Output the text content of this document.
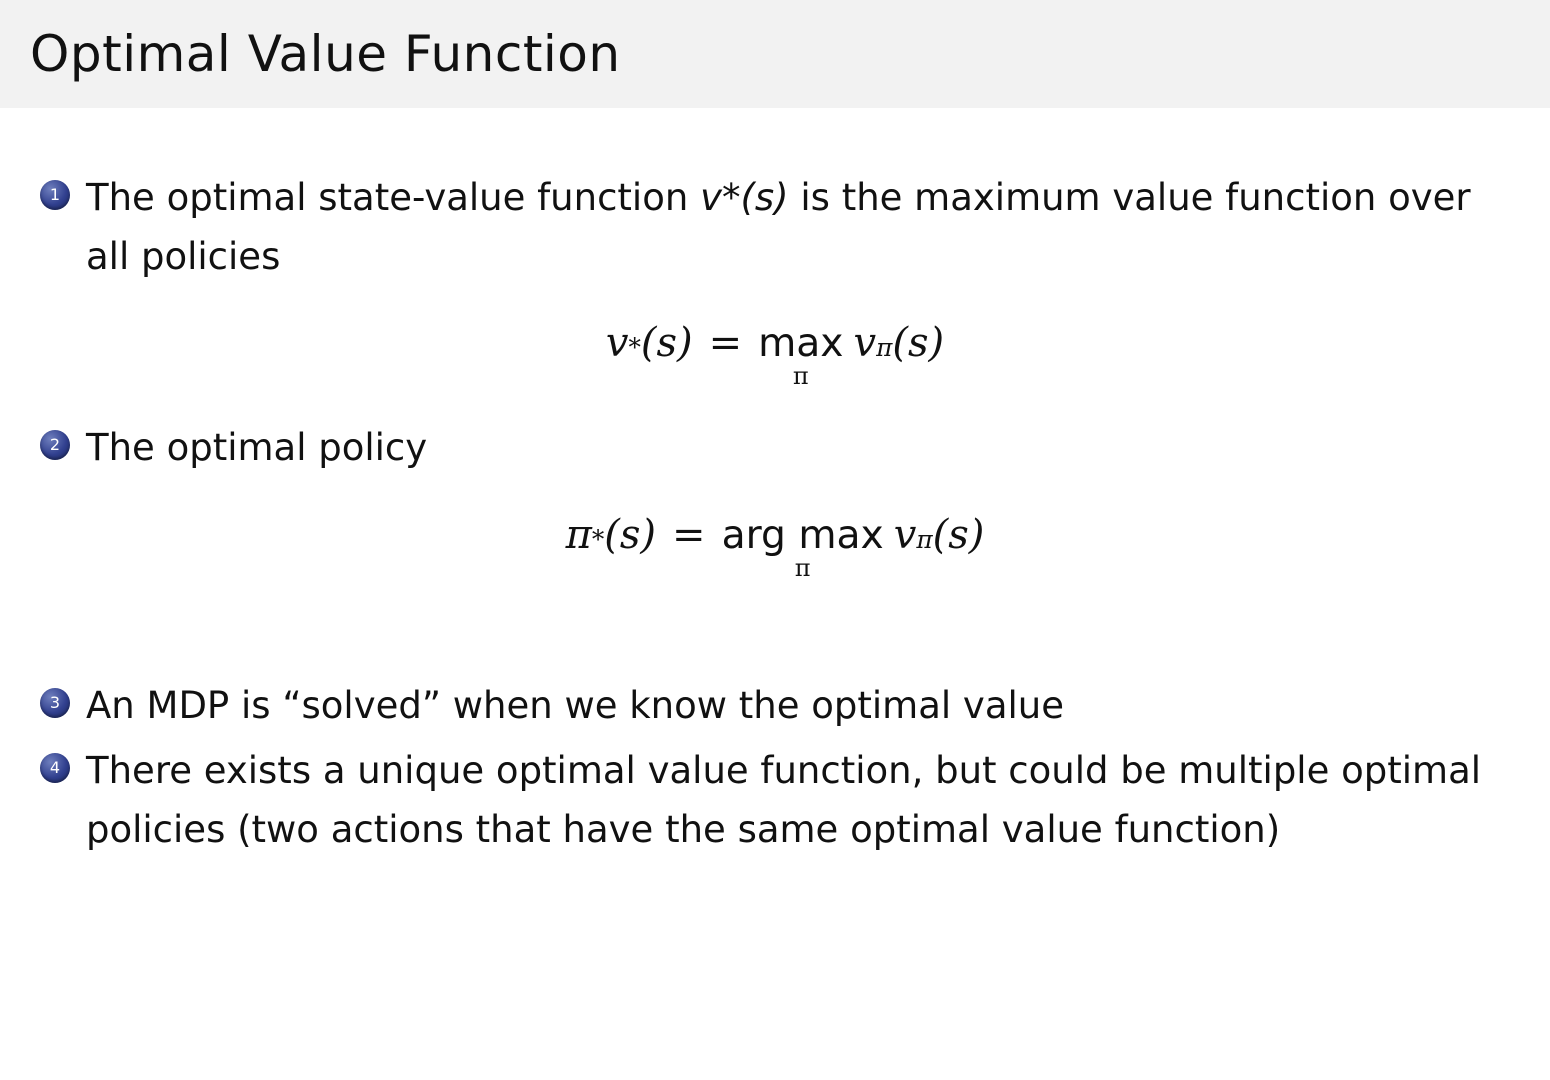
Optimal Value Function
1 The optimal state-value function v*(s) is the maximum value function over all policies
v * (s) = max
π
v π (s)
2 The optimal policy
π * (s) = arg max
π
v π (s)
3 An MDP is “solved” when we know the optimal value
4 There exists a unique optimal value function, but could be multiple optimal policies (two actions that have the same optimal value function)
